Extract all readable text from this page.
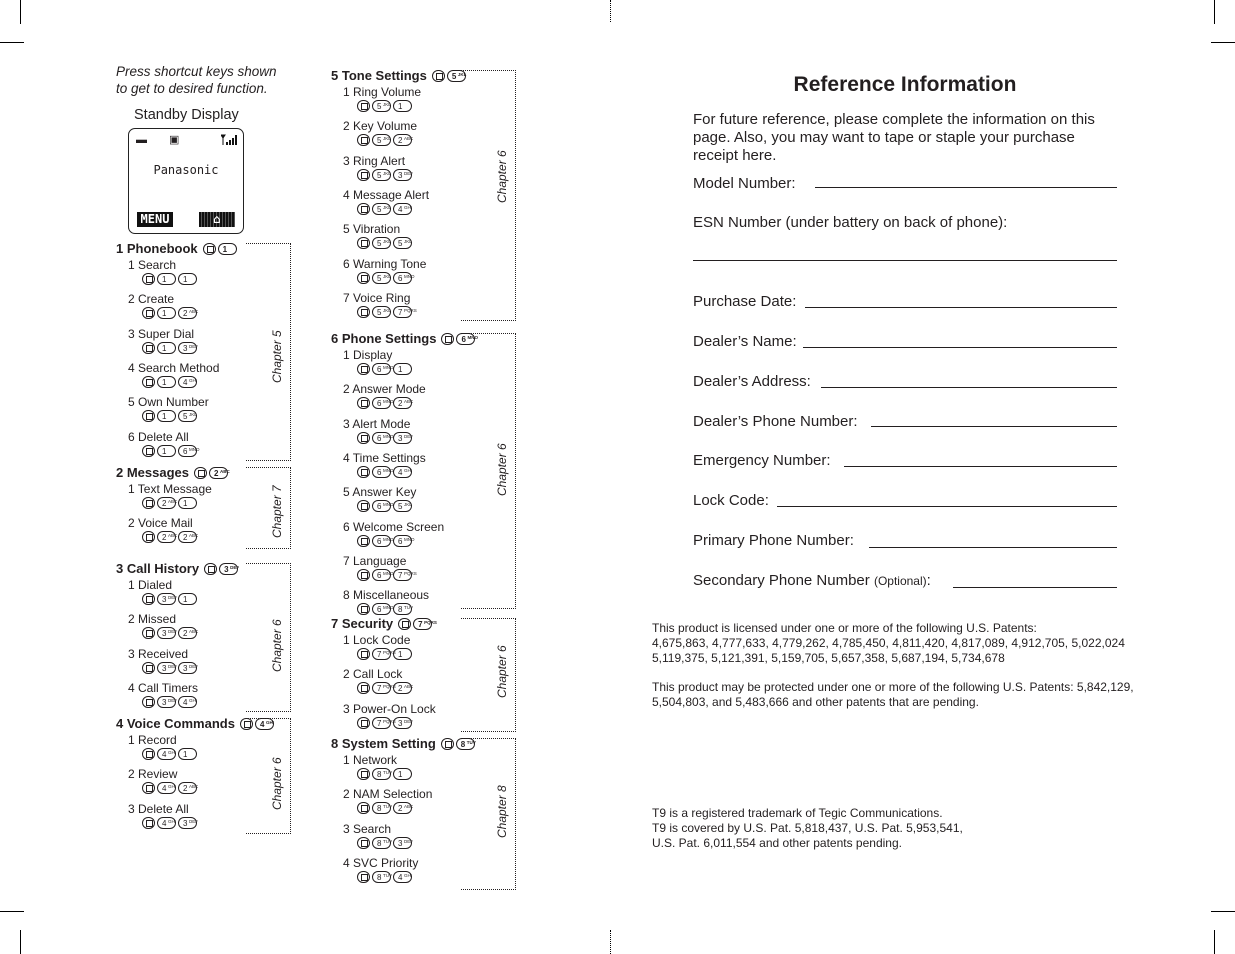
Press shortcut keys shown
to get to desired function.
Standby Display
▬ ▣
Panasonic
MENU	⌂
1 Phonebook	1
1 Search
1	1
2 Create
1	2 ABC
3 Super Dial
1	3 DEF
4 Search Method
1	4 GHI
5 Own Number
1	5 JKL
6 Delete All
1	6 MNO
Chapter 5
2 Messages	2 ABC
1 Text Message
2 ABC 1
2 Voice Mail
2 ABC 2 ABC	Chapter 7
3 Call History	3 DEF
1 Dialed
3 DEF 1
2 Missed
3 DEF 2 ABC
3 Received
3 DEF 3 DEF
4 Call Timers
3 DEF 4 GHI
Chapter 6
4 Voice Commands	4 GHI
1 Record
4 GHI 1
2 Review
4 GHI 2 ABC
3 Delete All
4 GHI 3 DEF
Chapter 6
5 Tone Settings	5 JKL
1 Ring Volume
5 JKL 1
2 Key Volume
5 JKL 2 ABC
3 Ring Alert
5 JKL 3 DEF
4 Message Alert
5 JKL 4 GHI
5 Vibration
5 JKL 5 JKL
6 Warning Tone
5 JKL 6 MNO
7 Voice Ring
5 JKL 7 PQRS
Chapter 6
6 Phone Settings	6 MNO
1 Display
6 MNO 1
2 Answer Mode
6 MNO 2 ABC
3 Alert Mode
6 MNO 3 DEF
4 Time Settings
6 MNO 4 GHI
5 Answer Key
6 MNO 5 JKL
6 Welcome Screen
6 MNO 6 MNO
7 Language
6 MNO 7 PQRS
8 Miscellaneous
6 MNO 8 TUV
Chapter 6
7 Security	7 PQRS
1 Lock Code
7 PQRS 1
2 Call Lock
7 PQRS 2 ABC
3 Power-On Lock
7 PQRS 3 DEF
Chapter 6
8 System Setting	8 TUV
1 Network
8 TUV 1
2 NAM Selection
8 TUV 2 ABC
3 Search
8 TUV 3 DEF
4 SVC Priority
8 TUV 4 GHI
Chapter 8
Reference Information
For future reference, please complete the information on this page. Also, you may want to tape or staple your purchase receipt here.
Model Number:
ESN Number (under battery on back of phone):
Purchase Date:
Dealer’s Name:
Dealer’s Address:
Dealer’s Phone Number:
Emergency Number:
Lock Code:
Primary Phone Number:
Secondary Phone Number (Optional):
This product is licensed under one or more of the following U.S. Patents:
4,675,863, 4,777,633, 4,779,262, 4,785,450, 4,811,420, 4,817,089, 4,912,705, 5,022,024
5,119,375, 5,121,391, 5,159,705, 5,657,358, 5,687,194, 5,734,678
This product may be protected under one or more of the following U.S. Patents: 5,842,129,
5,504,803, and 5,483,666 and other patents that are pending.
T9 is a registered trademark of Tegic Communications.
T9 is covered by U.S. Pat. 5,818,437, U.S. Pat. 5,953,541,
U.S. Pat. 6,011,554 and other patents pending.
